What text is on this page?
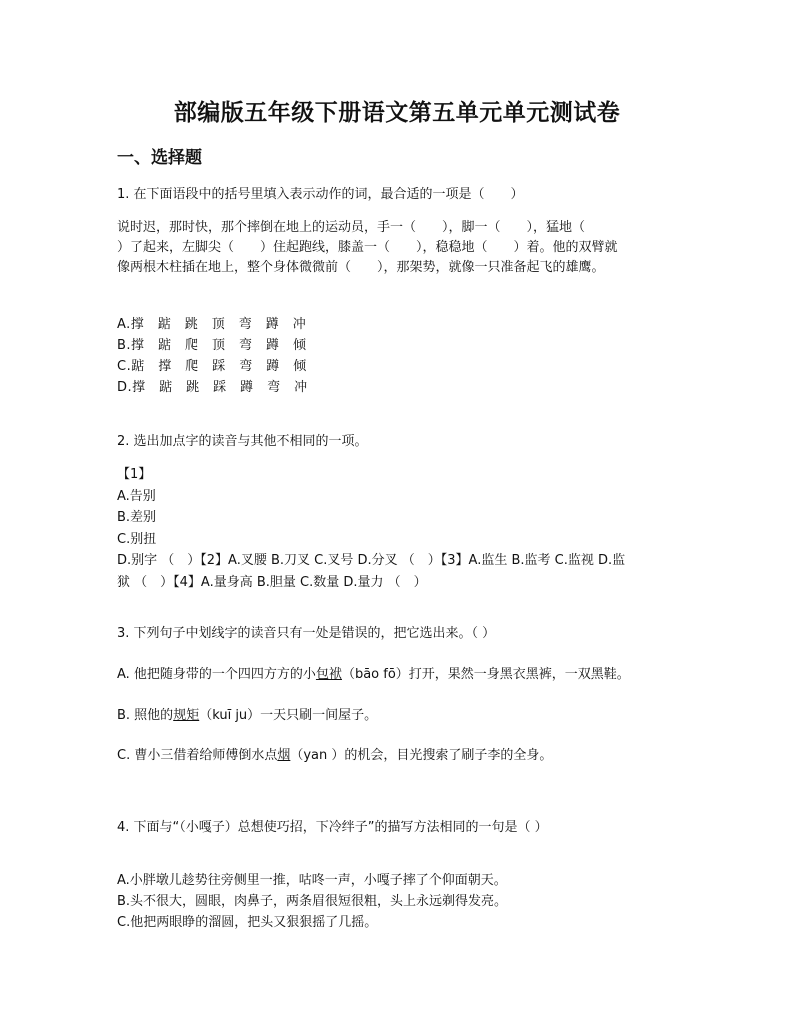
部编版五年级下册语文第五单元单元测试卷
一、选择题
1. 在下面语段中的括号里填入表示动作的词，最合适的一项是（　　）
说时迟，那时快，那个摔倒在地上的运动员，手一（　　），脚一（　　），猛地（
）了起来，左脚尖（　　）住起跑线，膝盖一（　　），稳稳地（　　）着。他的双臂就
像两根木柱插在地上，整个身体微微前（　　），那架势，就像一只准备起飞的雄鹰。
A.撑　踮　跳　顶　弯　蹲　冲
B.撑　踮　爬　顶　弯　蹲　倾
C.踮　撑　爬　踩　弯　蹲　倾
D.撑　踮　跳　踩　蹲　弯　冲
2. 选出加点字的读音与其他不相同的一项。
【1】
A.告别
B.差别
C.别扭
D.别字 （　）【2】A.叉腰 B.刀叉 C.叉号 D.分叉 （　）【3】A.监生 B.监考 C.监视 D.监
狱 （　）【4】A.量身高 B.胆量 C.数量 D.量力 （　）
3. 下列句子中划线字的读音只有一处是错误的，把它选出来。（ ）
A. 他把随身带的一个四四方方的小包袱（bāo fō）打开，果然一身黑衣黑裤，一双黑鞋。
B. 照他的规矩（kuī ju）一天只刷一间屋子。
C. 曹小三借着给师傅倒水点烟（yan ）的机会，目光搜索了刷子李的全身。
4. 下面与“（小嘎子）总想使巧招，下冷绊子”的描写方法相同的一句是（ ）
A.小胖墩儿趁势往旁侧里一推，咕咚一声，小嘎子摔了个仰面朝天。
B.头不很大，圆眼，肉鼻子，两条眉很短很粗，头上永远剃得发亮。
C.他把两眼睁的溜圆，把头又狠狠摇了几摇。
